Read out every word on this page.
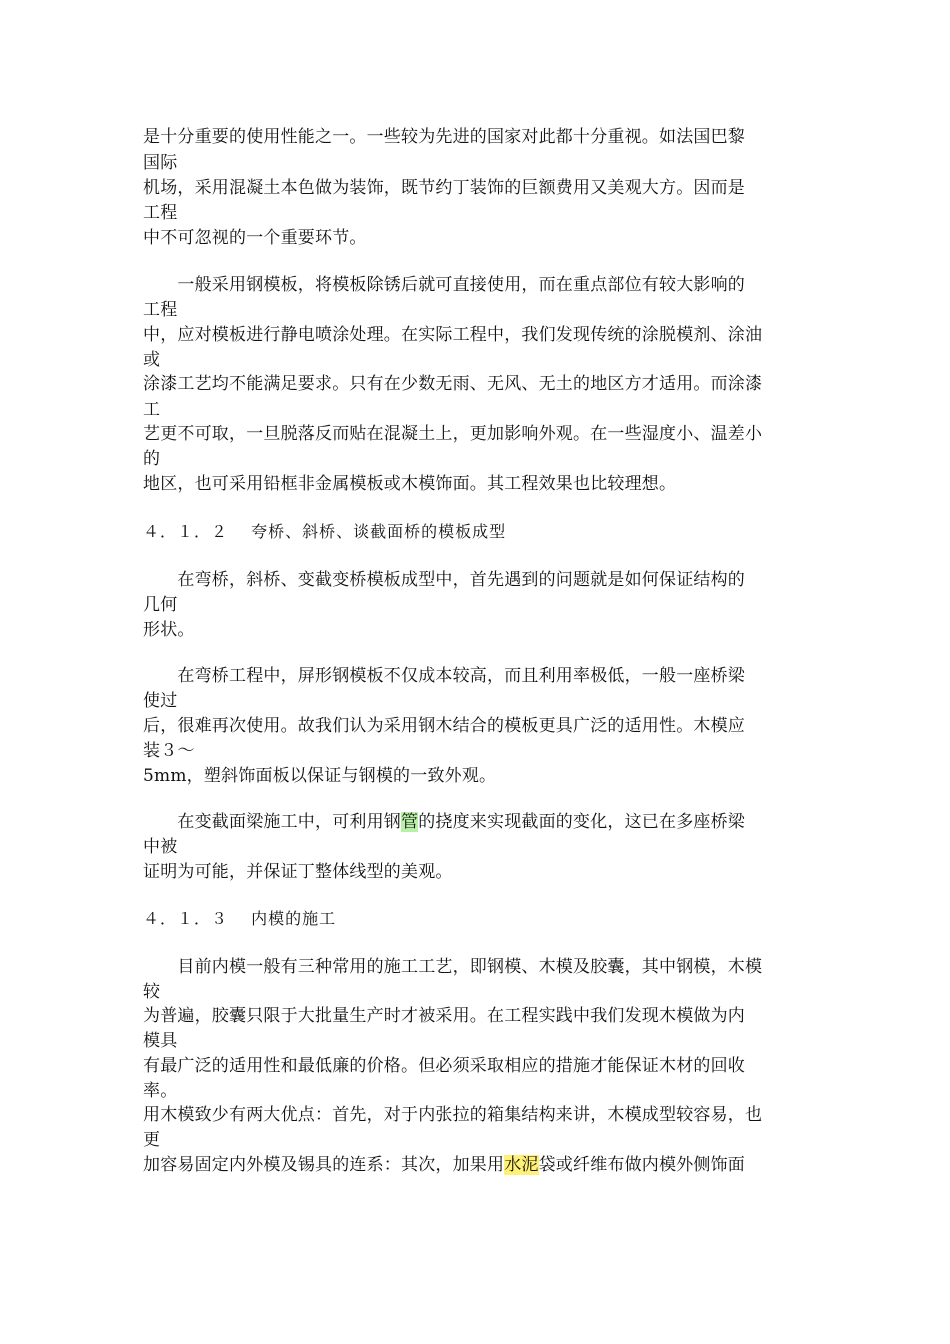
是十分重要的使用性能之一。一些较为先进的国家对此都十分重视。如法国巴黎
国际
机场，采用混凝土本色做为装饰，既节约丁装饰的巨额费用又美观大方。因而是
工程
中不可忽视的一个重要环节。
　　一般采用钢模板，将模板除锈后就可直接使用，而在重点部位有较大影响的
工程
中，应对模板进行静电喷涂处理。在实际工程中，我们发现传统的涂脱模剂、涂油
或
涂漆工艺均不能满足要求。只有在少数无雨、无风、无土的地区方才适用。而涂漆
工
艺更不可取，一旦脱落反而贴在混凝土上，更加影响外观。在一些湿度小、温差小
的
地区，也可采用铅框非金属模板或木模饰面。其工程效果也比较理想。
４．１．２　 夸桥、斜桥、谈截面桥的模板成型
　　在弯桥，斜桥、变截变桥模板成型中，首先遇到的问题就是如何保证结构的
几何
形状。
　　在弯桥工程中，屏形钢模板不仅成本较高，而且利用率极低，一般一座桥梁
使过
后，很难再次使用。故我们认为采用钢木结合的模板更具广泛的适用性。木模应
装３～
5mm，塑斜饰面板以保证与钢模的一致外观。
　　在变截面梁施工中，可利用钢管的挠度来实现截面的变化，这已在多座桥梁
中被
证明为可能，并保证丁整体线型的美观。
４．１．３　 内模的施工
　　目前内模一般有三种常用的施工工艺，即钢模、木模及胶囊，其中钢模，木模
较
为普遍，胶囊只限于大批量生产时才被采用。在工程实践中我们发现木模做为内
模具
有最广泛的适用性和最低廉的价格。但必须采取相应的措施才能保证木材的回收
率。
用木模致少有两大优点：首先，对于内张拉的箱集结构来讲，木模成型较容易，也
更
加容易固定内外模及锡具的连系：其次，加果用水泥袋或纤维布做内模外侧饰面
